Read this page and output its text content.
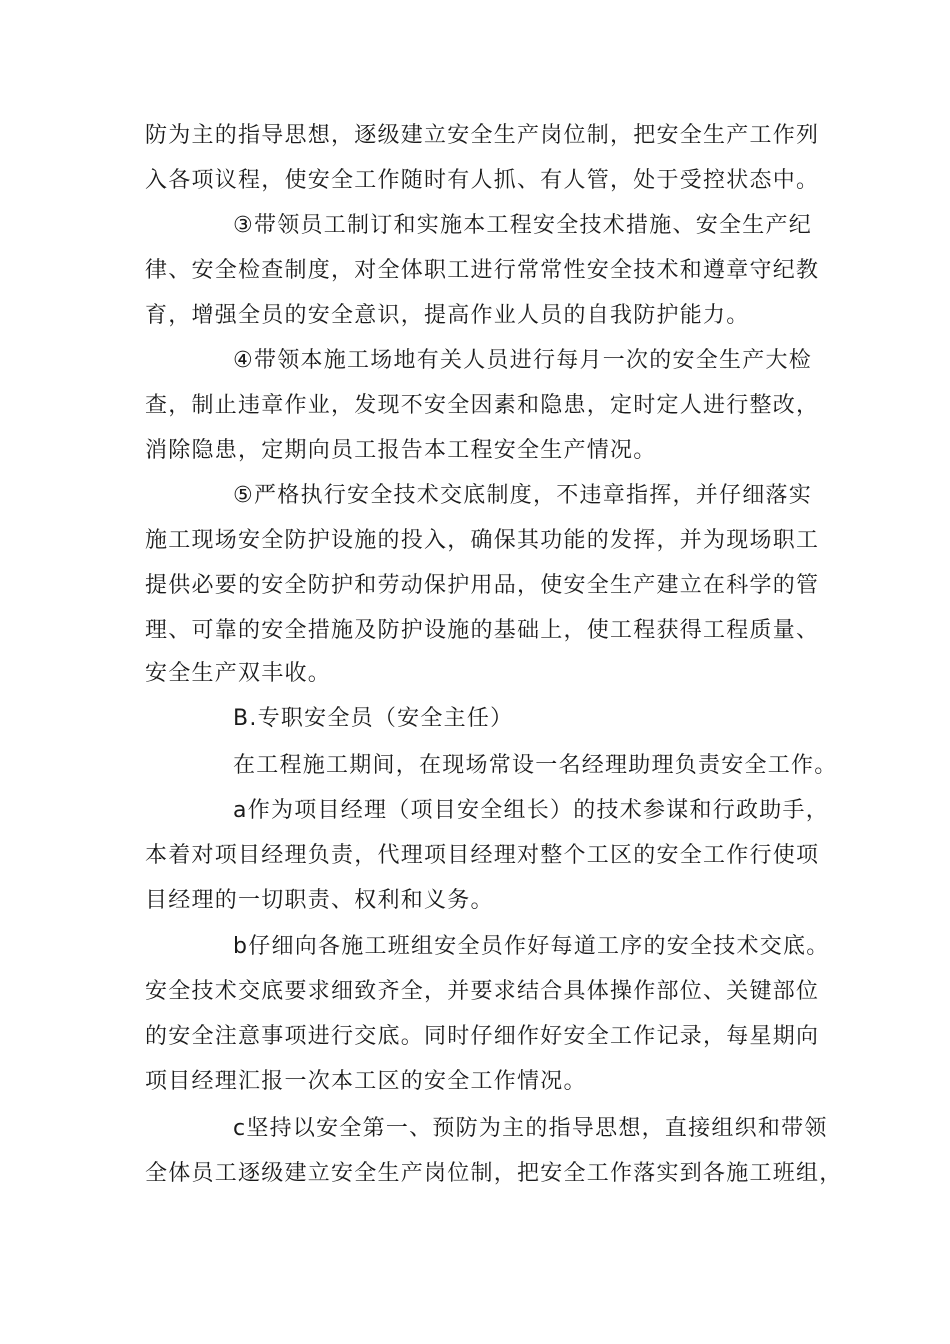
防为主的指导思想，逐级建立安全生产岗位制，把安全生产工作列

入各项议程，使安全工作随时有人抓、有人管，处于受控状态中。

③带领员工制订和实施本工程安全技术措施、安全生产纪

律、安全检查制度，对全体职工进行常常性安全技术和遵章守纪教

育，增强全员的安全意识，提高作业人员的自我防护能力。

④带领本施工场地有关人员进行每月一次的安全生产大检

查，制止违章作业，发现不安全因素和隐患，定时定人进行整改，

消除隐患，定期向员工报告本工程安全生产情况。

⑤严格执行安全技术交底制度，不违章指挥，并仔细落实

施工现场安全防护设施的投入，确保其功能的发挥，并为现场职工

提供必要的安全防护和劳动保护用品，使安全生产建立在科学的管

理、可靠的安全措施及防护设施的基础上，使工程获得工程质量、

安全生产双丰收。

B.专职安全员（安全主任）

在工程施工期间，在现场常设一名经理助理负责安全工作。

a作为项目经理（项目安全组长）的技术参谋和行政助手，

本着对项目经理负责，代理项目经理对整个工区的安全工作行使项

目经理的一切职责、权利和义务。

b仔细向各施工班组安全员作好每道工序的安全技术交底。

安全技术交底要求细致齐全，并要求结合具体操作部位、关键部位

的安全注意事项进行交底。同时仔细作好安全工作记录，每星期向

项目经理汇报一次本工区的安全工作情况。

c坚持以安全第一、预防为主的指导思想，直接组织和带领

全体员工逐级建立安全生产岗位制，把安全工作落实到各施工班组，
